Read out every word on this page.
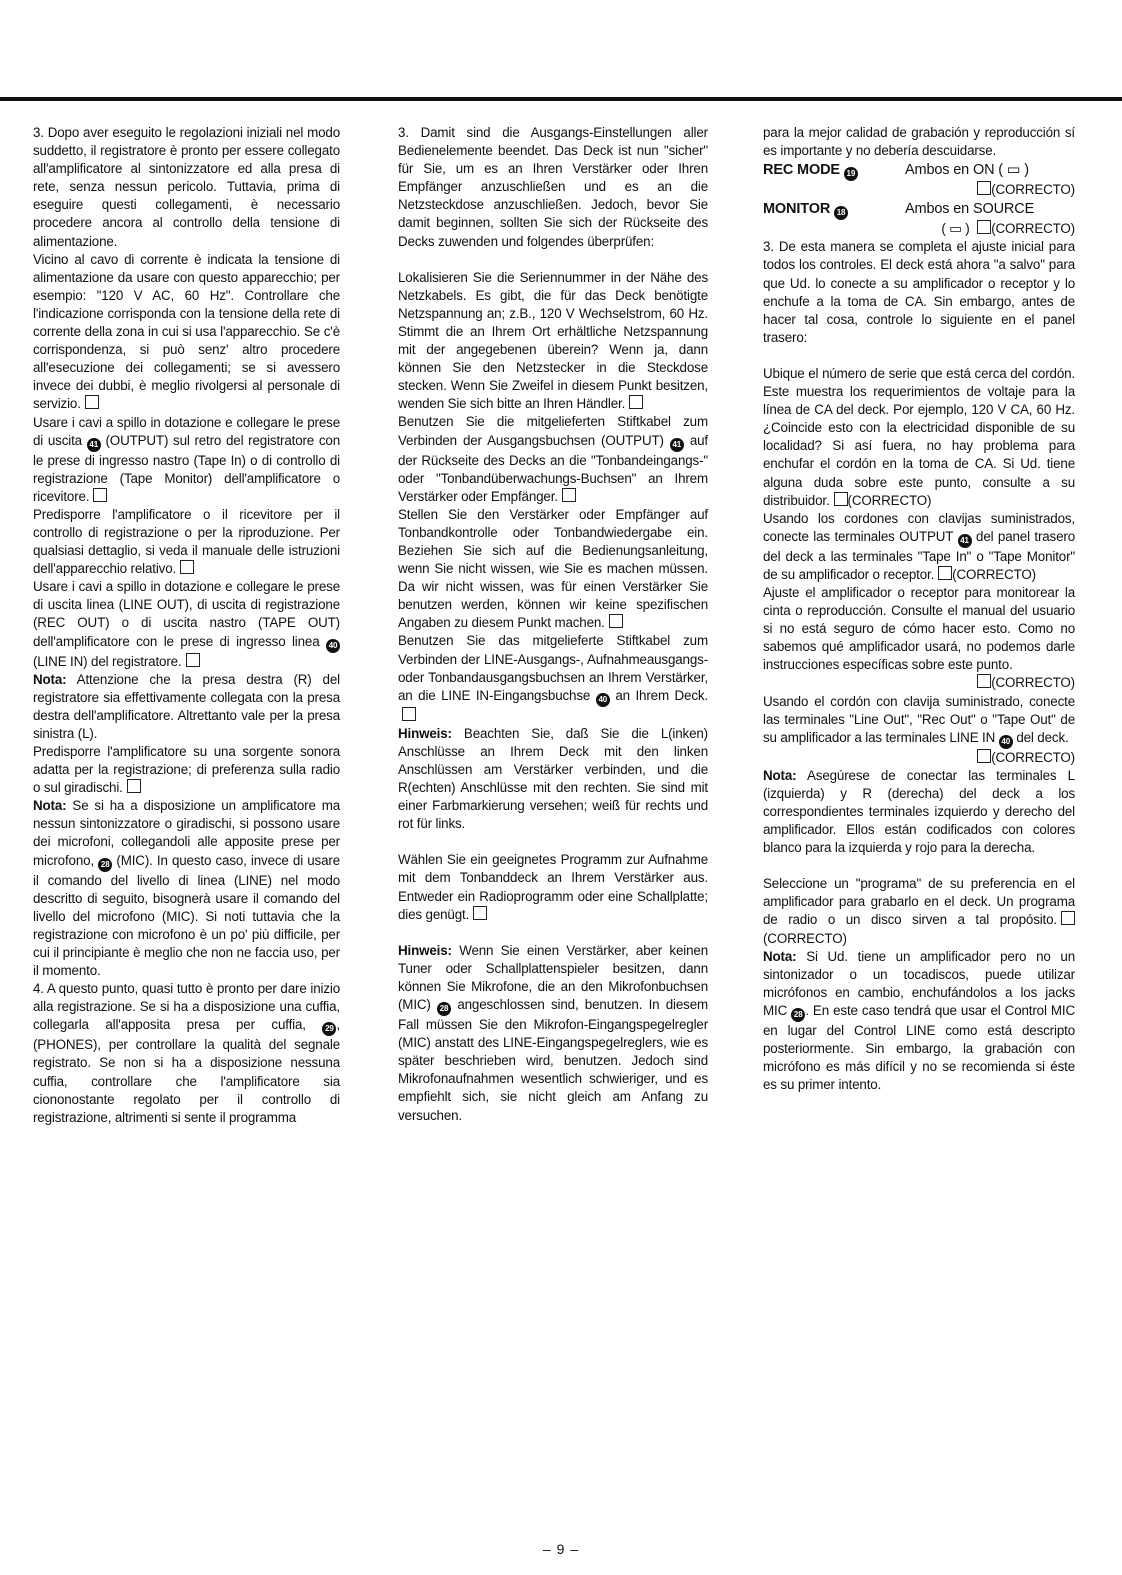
3. Dopo aver eseguito le regolazioni iniziali nel modo suddetto, il registratore è pronto per essere collegato all'amplificatore al sintonizzatore ed alla presa di rete, senza nessun pericolo. Tuttavia, prima di eseguire questi collegamenti, è necessario procedere ancora al controllo della tensione di alimentazione.

Vicino al cavo di corrente è indicata la tensione di alimentazione da usare con questo apparecchio; per esempio: "120 V AC, 60 Hz". Controllare che l'indicazione corrisponda con la tensione della rete di corrente della zona in cui si usa l'apparecchio. Se c'è corrispondenza, si può senz' altro procedere all'esecuzione dei collegamenti; se si avessero invece dei dubbi, è meglio rivolgersi al personale di servizio.

Usare i cavi a spillo in dotazione e collegare le prese di uscita 41 (OUTPUT) sul retro del registratore con le prese di ingresso nastro (Tape In) o di controllo di registrazione (Tape Monitor) dell'amplificatore o ricevitore.

Predisporre l'amplificatore o il ricevitore per il controllo di registrazione o per la riproduzione. Per qualsiasi dettaglio, si veda il manuale delle istruzioni dell'apparecchio relativo.

Usare i cavi a spillo in dotazione e collegare le prese di uscita linea (LINE OUT), di uscita di registrazione (REC OUT) o di uscita nastro (TAPE OUT) dell'amplificatore con le prese di ingresso linea 40 (LINE IN) del registratore.

Nota: Attenzione che la presa destra (R) del registratore sia effettivamente collegata con la presa destra dell'amplificatore. Altrettanto vale per la presa sinistra (L).

Predisporre l'amplificatore su una sorgente sonora adatta per la registrazione; di preferenza sulla radio o sul giradischi.

Nota: Se si ha a disposizione un amplificatore ma nessun sintonizzatore o giradischi, si possono usare dei microfoni, collegandoli alle apposite prese per microfono, 28 (MIC). In questo caso, invece di usare il comando del livello di linea (LINE) nel modo descritto di seguito, bisognerà usare il comando del livello del microfono (MIC). Si noti tuttavia che la registrazione con microfono è un po' più difficile, per cui il principiante è meglio che non ne faccia uso, per il momento.

4. A questo punto, quasi tutto è pronto per dare inizio alla registrazione. Se si ha a disposizione una cuffia, collegarla all'apposita presa per cuffia, 29 , (PHONES), per controllare la qualità del segnale registrato. Se non si ha a disposizione nessuna cuffia, controllare che l'amplificatore sia ciononostante regolato per il controllo di registrazione, altrimenti si sente il programma

3. Damit sind die Ausgangs-Einstellungen aller Bedienelemente beendet. Das Deck ist nun "sicher" für Sie, um es an Ihren Verstärker oder Ihren Empfänger anzuschließen und es an die Netzsteckdose anzuschließen. Jedoch, bevor Sie damit beginnen, sollten Sie sich der Rückseite des Decks zuwenden und folgendes überprüfen:

Lokalisieren Sie die Seriennummer in der Nähe des Netzkabels. Es gibt, die für das Deck benötigte Netzspannung an; z.B., 120 V Wechselstrom, 60 Hz. Stimmt die an Ihrem Ort erhältliche Netzspannung mit der angegebenen überein? Wenn ja, dann können Sie den Netzstecker in die Steckdose stecken. Wenn Sie Zweifel in diesem Punkt besitzen, wenden Sie sich bitte an Ihren Händler.

Benutzen Sie die mitgelieferten Stiftkabel zum Verbinden der Ausgangsbuchsen (OUTPUT) 41 auf der Rückseite des Decks an die "Tonbandeingangs-" oder "Tonbandüberwachungs-Buchsen" an Ihrem Verstärker oder Empfänger.

Stellen Sie den Verstärker oder Empfänger auf Tonbandkontrolle oder Tonbandwiedergabe ein. Beziehen Sie sich auf die Bedienungsanleitung, wenn Sie nicht wissen, wie Sie es machen müssen. Da wir nicht wissen, was für einen Verstärker Sie benutzen werden, können wir keine spezifischen Angaben zu diesem Punkt machen.

Benutzen Sie das mitgelieferte Stiftkabel zum Verbinden der LINE-Ausgangs-, Aufnahmeausgangs- oder Tonbandausgangsbuchsen an Ihrem Verstärker, an die LINE IN-Eingangsbuchse 40 an Ihrem Deck.

Hinweis: Beachten Sie, daß Sie die L(inken) Anschlüsse an Ihrem Deck mit den linken Anschlüssen am Verstärker verbinden, und die R(echten) Anschlüsse mit den rechten. Sie sind mit einer Farbmarkierung versehen; weiß für rechts und rot für links.

Wählen Sie ein geeignetes Programm zur Aufnahme mit dem Tonbanddeck an Ihrem Verstärker aus. Entweder ein Radioprogramm oder eine Schallplatte; dies genügt.

Hinweis: Wenn Sie einen Verstärker, aber keinen Tuner oder Schallplattenspieler besitzen, dann können Sie Mikrofone, die an den Mikrofonbuchsen (MIC) 28 angeschlossen sind, benutzen. In diesem Fall müssen Sie den Mikrofon-Eingangspegelregler (MIC) anstatt des LINE-Eingangspegelreglers, wie es später beschrieben wird, benutzen. Jedoch sind Mikrofonaufnahmen wesentlich schwieriger, und es empfiehlt sich, sie nicht gleich am Anfang zu versuchen.

para la mejor calidad de grabación y reproducción sí es importante y no debería descuidarse.

REC MODE 19	Ambos en ON ( ▭ )

(CORRECTO)

MONITOR 18	Ambos en SOURCE

( ▭ ) (CORRECTO)

3. De esta manera se completa el ajuste inicial para todos los controles. El deck está ahora "a salvo" para que Ud. lo conecte a su amplificador o receptor y lo enchufe a la toma de CA. Sin embargo, antes de hacer tal cosa, controle lo siguiente en el panel trasero:

Ubique el número de serie que está cerca del cordón. Este muestra los requerimientos de voltaje para la línea de CA del deck. Por ejemplo, 120 V CA, 60 Hz. ¿Coincide esto con la electricidad disponible de su localidad? Si así fuera, no hay problema para enchufar el cordón en la toma de CA. Si Ud. tiene alguna duda sobre este punto, consulte a su distribuidor. (CORRECTO)

Usando los cordones con clavijas suministrados, conecte las terminales OUTPUT 41 del panel trasero del deck a las terminales "Tape In" o "Tape Monitor" de su amplificador o receptor. (CORRECTO)

Ajuste el amplificador o receptor para monitorear la cinta o reproducción. Consulte el manual del usuario si no está seguro de cómo hacer esto. Como no sabemos qué amplificador usará, no podemos darle instrucciones específicas sobre este punto.

(CORRECTO)

Usando el cordón con clavija suministrado, conecte las terminales "Line Out", "Rec Out" o "Tape Out" de su amplificador a las terminales LINE IN 40 del deck.

(CORRECTO)

Nota: Asegúrese de conectar las terminales L (izquierda) y R (derecha) del deck a los correspondientes terminales izquierdo y derecho del amplificador. Ellos están codificados con colores blanco para la izquierda y rojo para la derecha.

Seleccione un "programa" de su preferencia en el amplificador para grabarlo en el deck. Un programa de radio o un disco sirven a tal propósito.(CORRECTO)

Nota: Si Ud. tiene un amplificador pero no un sintonizador o un tocadiscos, puede utilizar micrófonos en cambio, enchufándolos a los jacks MIC 28 . En este caso tendrá que usar el Control MIC en lugar del Control LINE como está descripto posteriormente. Sin embargo, la grabación con micrófono es más difícil y no se recomienda si éste es su primer intento.

– 9 –
